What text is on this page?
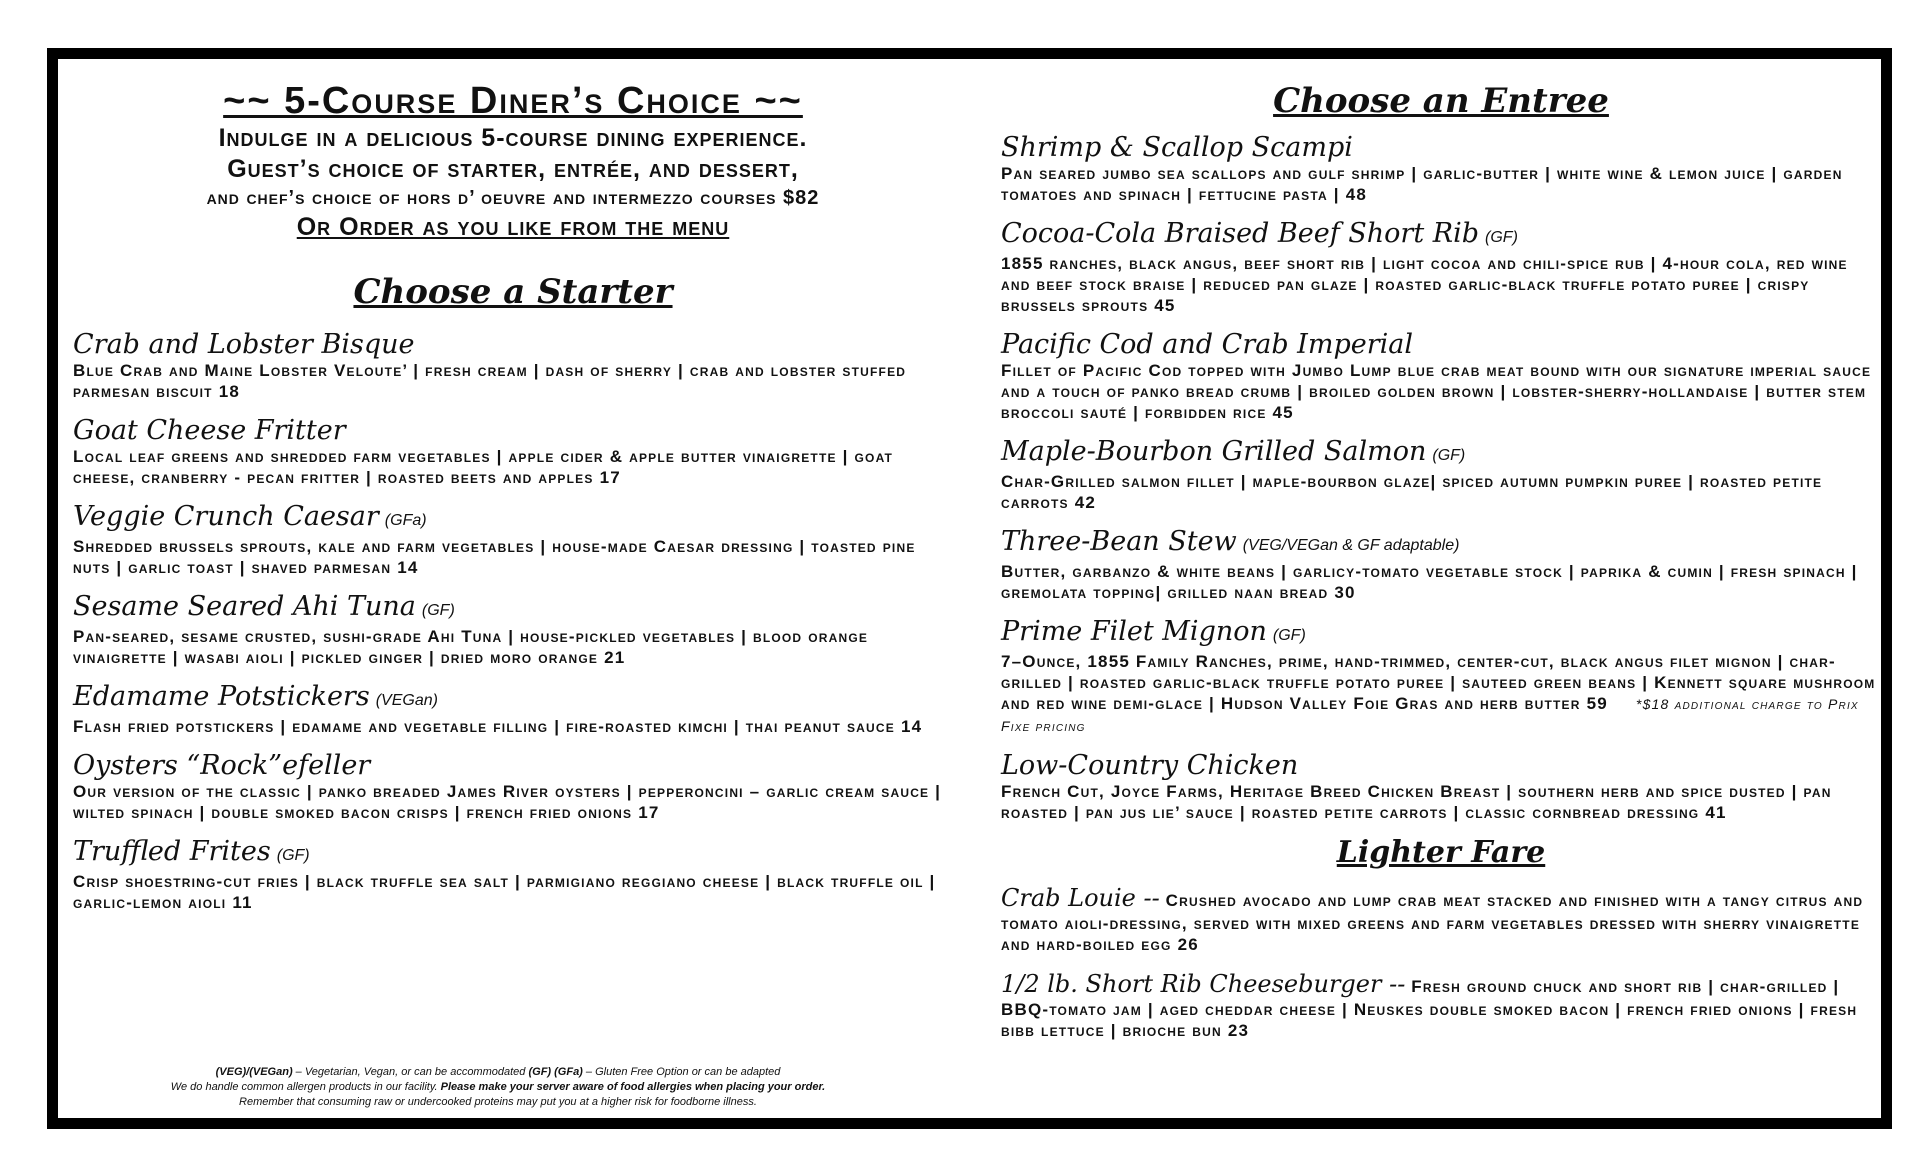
~~ 5-Course Diner’s Choice ~~

Indulge in a delicious 5-course dining experience.

Guest’s choice of starter, entrée, and dessert,

and chef’s choice of hors d’ oeuvre and intermezzo courses $82

Or Order as you like from the menu

Choose a Starter

Crab and Lobster Bisque

Blue Crab and Maine Lobster Veloute’ | fresh cream | dash of sherry | crab and lobster stuffed parmesan biscuit 18

Goat Cheese Fritter

Local leaf greens and shredded farm vegetables | apple cider & apple butter vinaigrette | goat cheese, cranberry - pecan fritter | roasted beets and apples 17

Veggie Crunch Caesar (GFa)

Shredded brussels sprouts, kale and farm vegetables | house-made Caesar dressing | toasted pine nuts | garlic toast | shaved parmesan 14

Sesame Seared Ahi Tuna (GF)

Pan-seared, sesame crusted, sushi-grade Ahi Tuna | house-pickled vegetables | blood orange vinaigrette | wasabi aioli | pickled ginger | dried moro orange 21

Edamame Potstickers (VEGan)

Flash fried potstickers | edamame and vegetable filling | fire-roasted kimchi | thai peanut sauce 14

Oysters “Rock”efeller

Our version of the classic | panko breaded James River oysters | pepperoncini – garlic cream sauce | wilted spinach | double smoked bacon crisps | french fried onions 17

Truffled Frites (GF)

Crisp shoestring-cut fries | black truffle sea salt | parmigiano reggiano cheese | black truffle oil | garlic-lemon aioli 11

(VEG)/(VEGan) – Vegetarian, Vegan, or can be accommodated (GF) (GFa) – Gluten Free Option or can be adapted
We do handle common allergen products in our facility. Please make your server aware of food allergies when placing your order.
Remember that consuming raw or undercooked proteins may put you at a higher risk for foodborne illness.
Choose an Entree

Shrimp & Scallop Scampi

Pan seared jumbo sea scallops and gulf shrimp | garlic-butter | white wine & lemon juice | garden tomatoes and spinach | fettucine pasta | 48

Cocoa-Cola Braised Beef Short Rib (GF)

1855 ranches, black angus, beef short rib | light cocoa and chili-spice rub | 4-hour cola, red wine and beef stock braise | reduced pan glaze | roasted garlic-black truffle potato puree | crispy brussels sprouts 45

Pacific Cod and Crab Imperial

Fillet of Pacific Cod topped with Jumbo Lump blue crab meat bound with our signature imperial sauce and a touch of panko bread crumb | broiled golden brown | lobster-sherry-hollandaise | butter stem broccoli sauté | forbidden rice 45

Maple-Bourbon Grilled Salmon (GF)

Char-Grilled salmon fillet | maple-bourbon glaze| spiced autumn pumpkin puree | roasted petite carrots 42

Three-Bean Stew (VEG/VEGan & GF adaptable)

Butter, garbanzo & white beans | garlicy-tomato vegetable stock | paprika & cumin | fresh spinach | gremolata topping| grilled naan bread 30

Prime Filet Mignon (GF)

7–Ounce, 1855 Family Ranches, prime, hand-trimmed, center-cut, black angus filet mignon | char-grilled | roasted garlic-black truffle potato puree | sauteed green beans | Kennett square mushroom and red wine demi-glace | Hudson Valley Foie Gras and herb butter 59 *$18 additional charge to Prix Fixe pricing

Low-Country Chicken

French Cut, Joyce Farms, Heritage Breed Chicken Breast | southern herb and spice dusted | pan roasted | pan jus lie’ sauce | roasted petite carrots | classic cornbread dressing 41

Lighter Fare

Crab Louie -- Crushed avocado and lump crab meat stacked and finished with a tangy citrus and tomato aioli-dressing, served with mixed greens and farm vegetables dressed with sherry vinaigrette and hard-boiled egg 26

1/2 lb. Short Rib Cheeseburger -- Fresh ground chuck and short rib | char-grilled | BBQ-tomato jam | aged cheddar cheese | Neuskes double smoked bacon | french fried onions | fresh bibb lettuce | brioche bun 23
